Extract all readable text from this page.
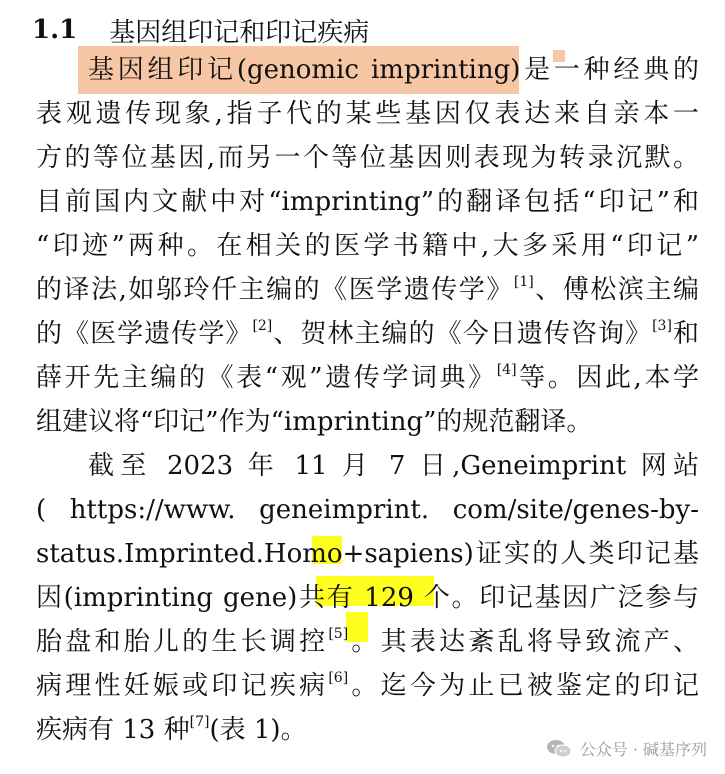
1.1 基因组印记和印记疾病
基因组印记(genomic imprinting)是一种经典的
表观遗传现象,指子代的某些基因仅表达来自亲本一
方的等位基因,而另一个等位基因则表现为转录沉默。
目前国内文献中对“imprinting”的翻译包括“印记”和
“印迹”两种。在相关的医学书籍中,大多采用“印记”
的译法,如邬玲仟主编的《医学遗传学》[1]、傅松滨主编
的《医学遗传学》[2]、贺林主编的《今日遗传咨询》[3]和
薛开先主编的《表“观”遗传学词典》[4]等。因此,本学
组建议将“印记”作为“imprinting”的规范翻译。
截至 2023 年 11 月 7 日,Geneimprint 网站
( https://www. geneimprint. com/site/genes-by-
status.Imprinted.Homo+sapiens)证实的人类印记基
因(imprinting gene)共有 129 个。印记基因广泛参与
胎盘和胎儿的生长调控[5]。其表达紊乱将导致流产、
病理性妊娠或印记疾病[6]。迄今为止已被鉴定的印记
疾病有 13 种[7](表 1)。
公众号 · 碱基序列
